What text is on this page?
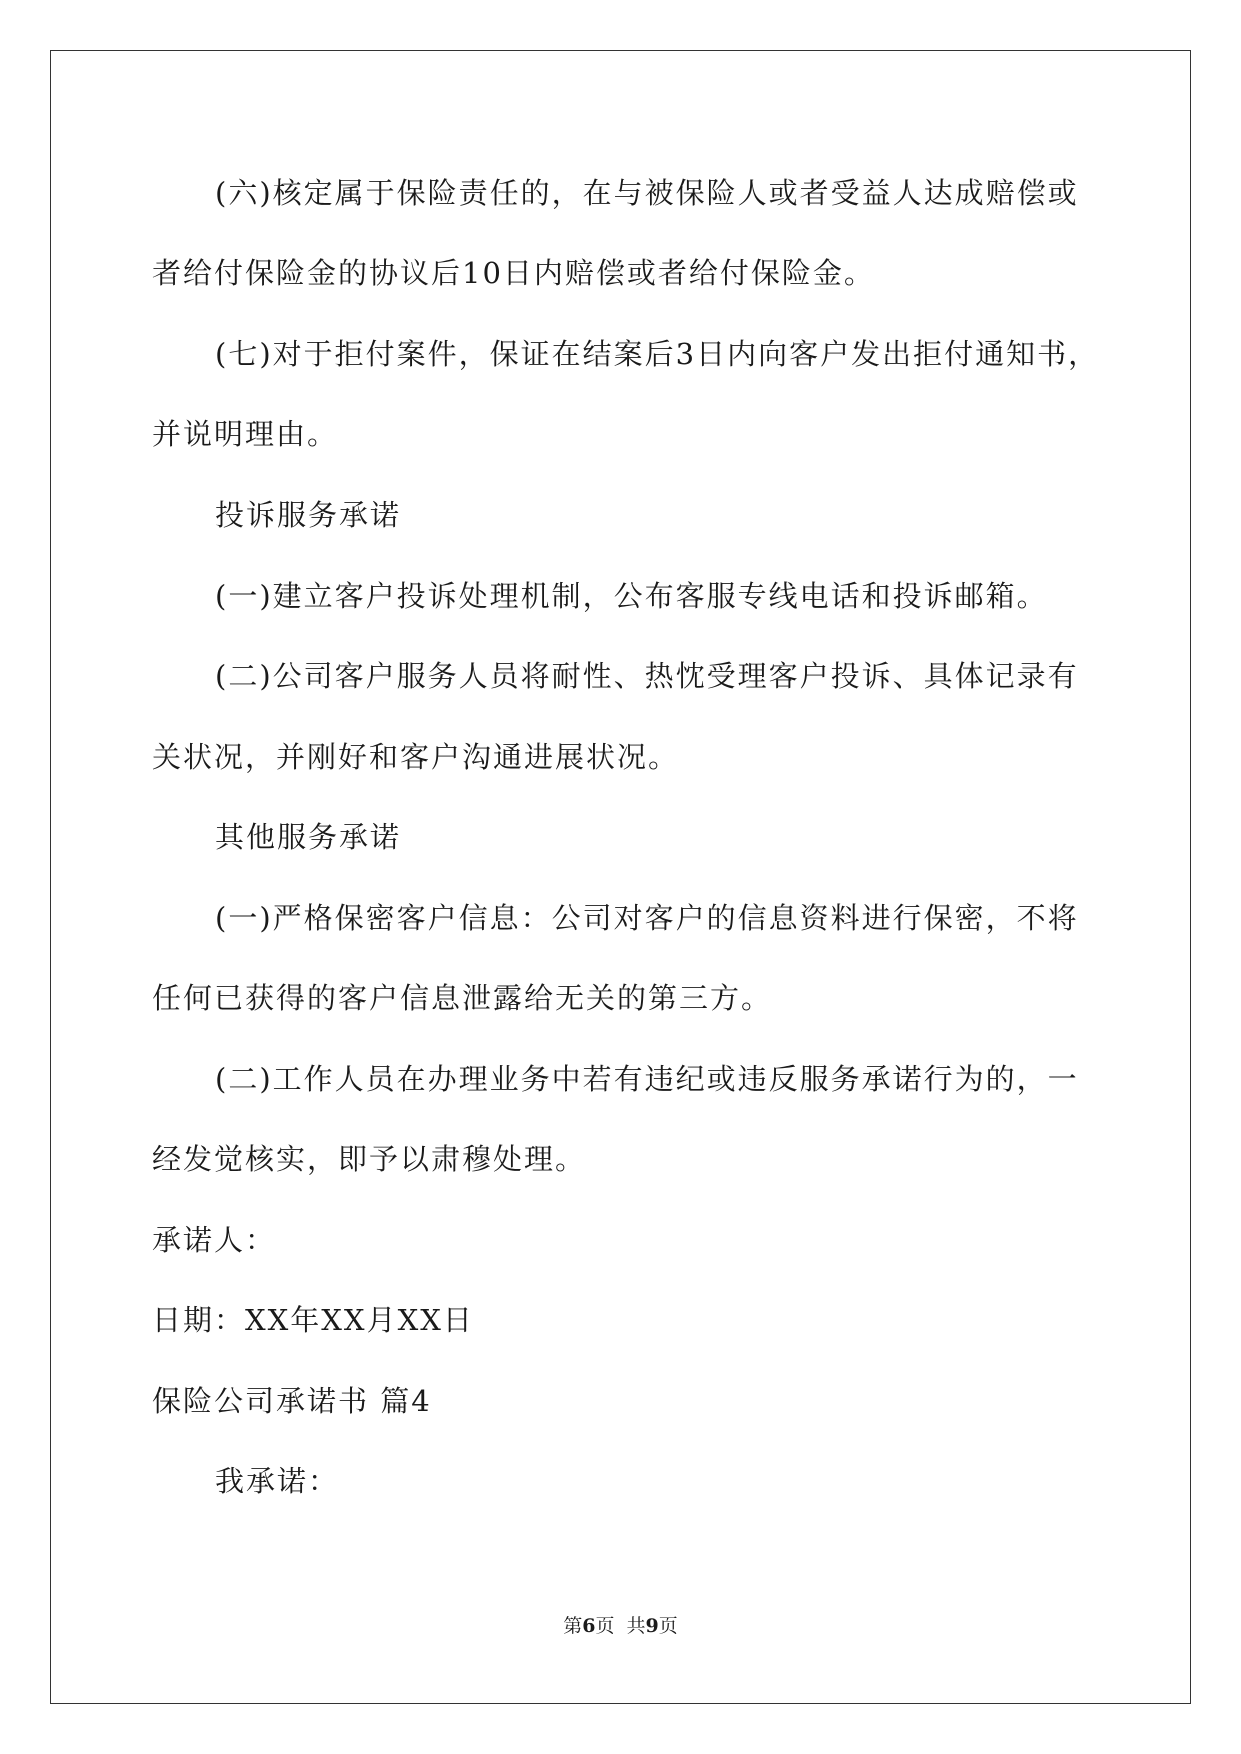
(六)核定属于保险责任的，在与被保险人或者受益人达成赔偿或
者给付保险金的协议后10日内赔偿或者给付保险金。
(七)对于拒付案件，保证在结案后3日内向客户发出拒付通知书，
并说明理由。
投诉服务承诺
(一)建立客户投诉处理机制，公布客服专线电话和投诉邮箱。
(二)公司客户服务人员将耐性、热忱受理客户投诉、具体记录有
关状况，并刚好和客户沟通进展状况。
其他服务承诺
(一)严格保密客户信息：公司对客户的信息资料进行保密，不将
任何已获得的客户信息泄露给无关的第三方。
(二)工作人员在办理业务中若有违纪或违反服务承诺行为的，一
经发觉核实，即予以肃穆处理。
承诺人：
日期：XX年XX月XX日
保险公司承诺书 篇4
我承诺：
第6页  共9页
